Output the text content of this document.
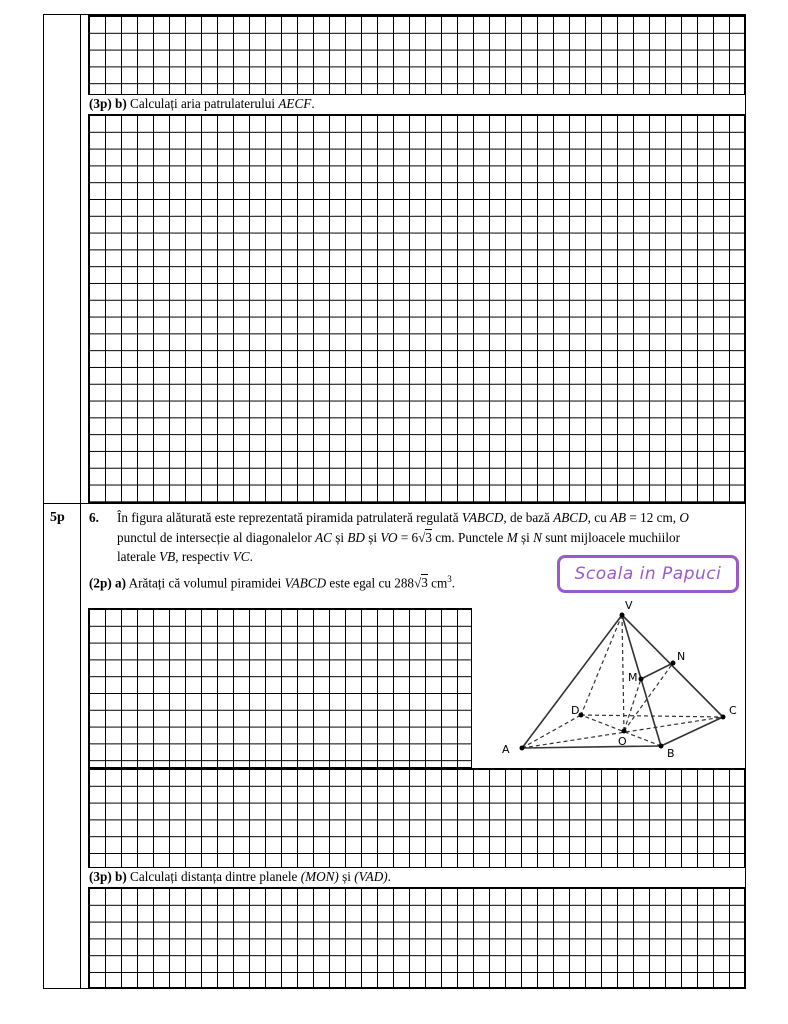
(3p) b) Calculați aria patrulaterului AECF.
5p 6. În figura alăturată este reprezentată piramida patrulateră regulată VABCD, de bază ABCD, cu AB = 12 cm, O
punctul de intersecție al diagonalelor AC și BD și VO = 6√3 cm. Punctele M și N sunt mijloacele muchiilor
laterale VB, respectiv VC.
(2p) a) Arătați că volumul piramidei VABCD este egal cu 288√3 $cm^3$.	Scoala in Papuci
V
N
M
D	C
O
A	B
(3p) b) Calculați distanța dintre planele (MON) și (VAD).
